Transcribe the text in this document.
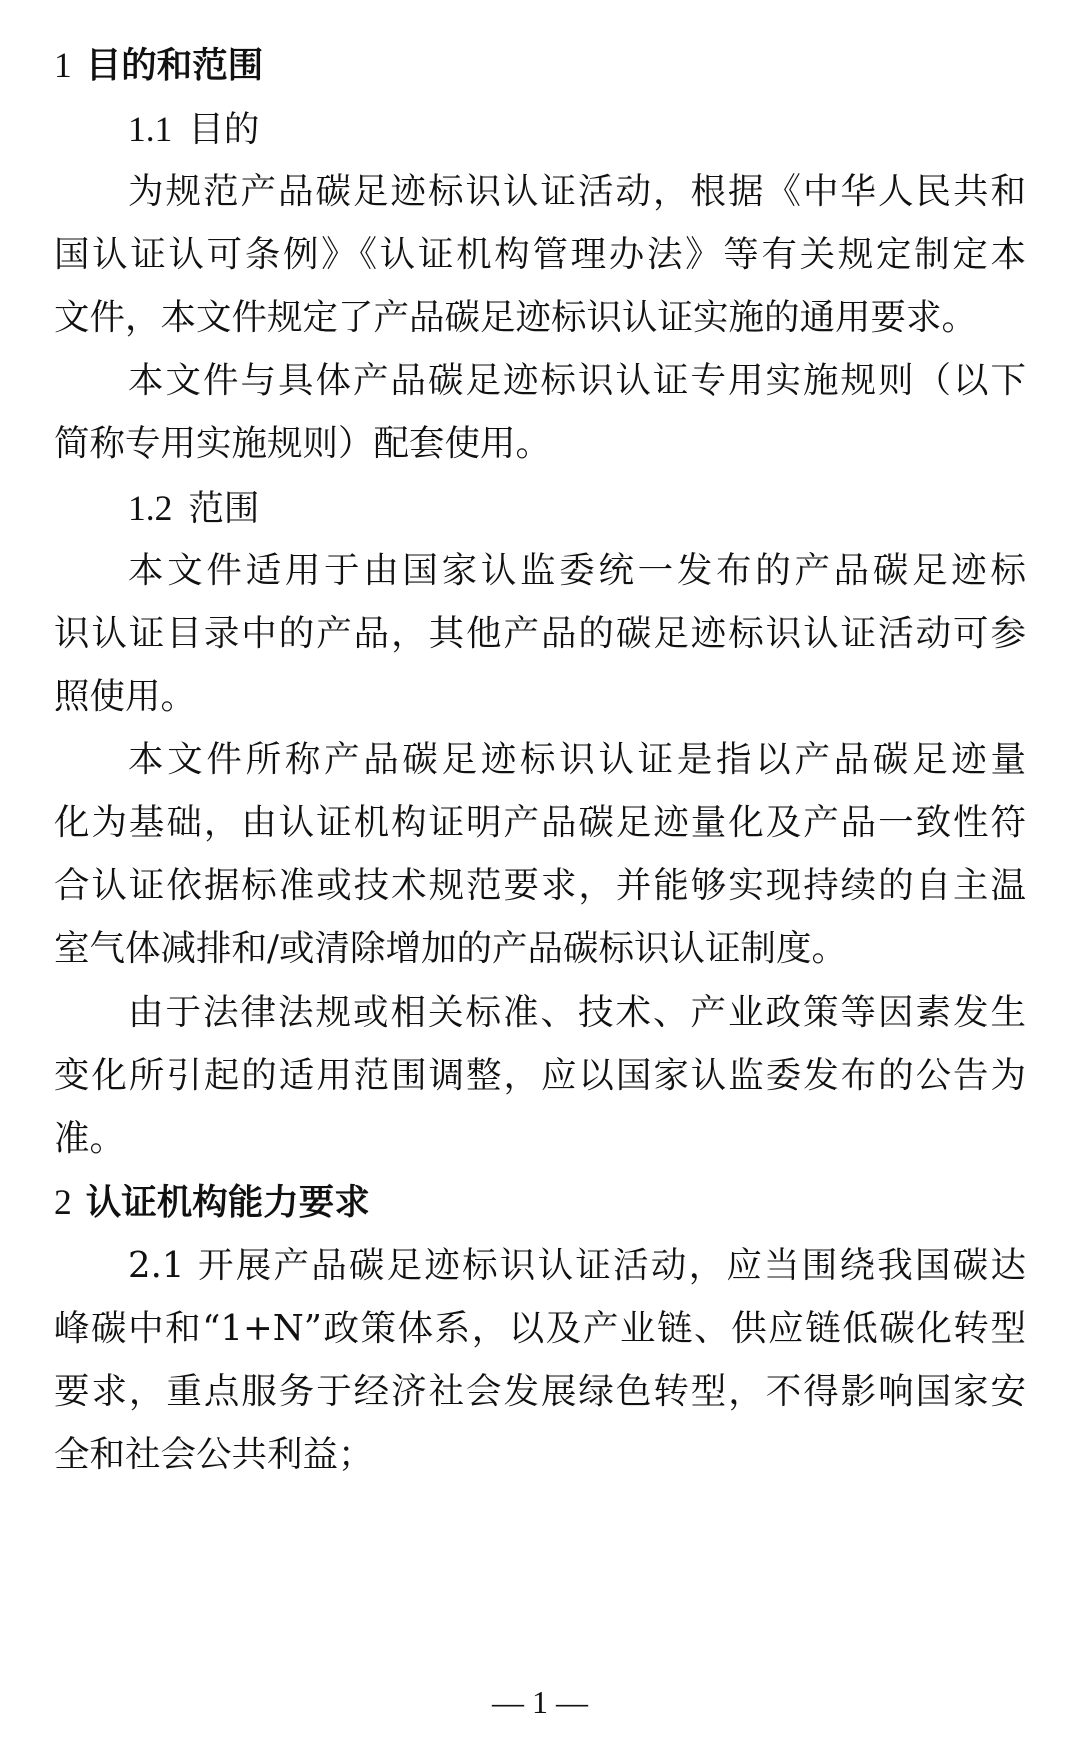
1 目的和范围
1.1 目的
为规范产品碳足迹标识认证活动，根据《中华人民共和
国认证认可条例》《认证机构管理办法》等有关规定制定本
文件，本文件规定了产品碳足迹标识认证实施的通用要求。
本文件与具体产品碳足迹标识认证专用实施规则（以下
简称专用实施规则）配套使用。
1.2 范围
本文件适用于由国家认监委统一发布的产品碳足迹标
识认证目录中的产品，其他产品的碳足迹标识认证活动可参
照使用。
本文件所称产品碳足迹标识认证是指以产品碳足迹量
化为基础，由认证机构证明产品碳足迹量化及产品一致性符
合认证依据标准或技术规范要求，并能够实现持续的自主温
室气体减排和/或清除增加的产品碳标识认证制度。
由于法律法规或相关标准、技术、产业政策等因素发生
变化所引起的适用范围调整，应以国家认监委发布的公告为
准。
2 认证机构能力要求
2.1 开展产品碳足迹标识认证活动，应当围绕我国碳达
峰碳中和“1+N”政策体系，以及产业链、供应链低碳化转型
要求，重点服务于经济社会发展绿色转型，不得影响国家安
全和社会公共利益；
— 1 —
